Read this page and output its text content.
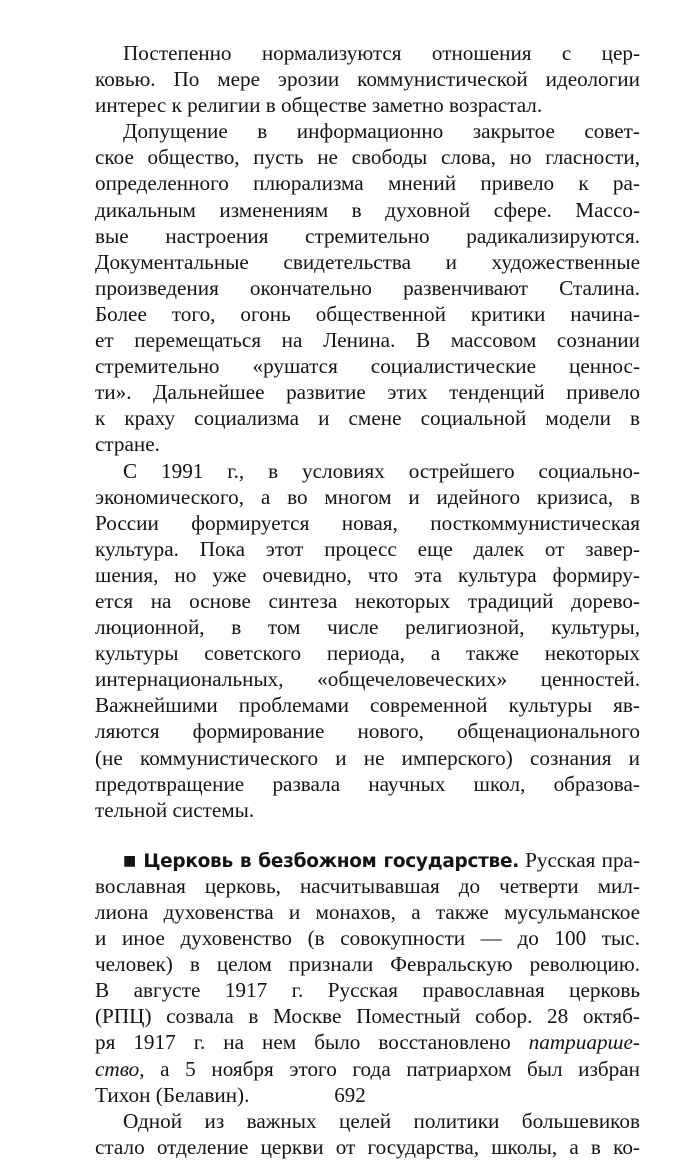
Постепенно нормализуются отношения с цер-
ковью. По мере эрозии коммунистической идеологии
интерес к религии в обществе заметно возрастал.
Допущение в информационно закрытое совет-
ское общество, пусть не свободы слова, но гласности,
определенного плюрализма мнений привело к ра-
дикальным изменениям в духовной сфере. Массо-
вые настроения стремительно радикализируются.
Документальные свидетельства и художественные
произведения окончательно развенчивают Сталина.
Более того, огонь общественной критики начина-
ет перемещаться на Ленина. В массовом сознании
стремительно «рушатся социалистические ценнос-
ти». Дальнейшее развитие этих тенденций привело
к краху социализма и смене социальной модели в
стране.
С 1991 г., в условиях острейшего социально-
экономического, а во многом и идейного кризиса, в
России формируется новая, посткоммунистическая
культура. Пока этот процесс еще далек от завер-
шения, но уже очевидно, что эта культура формиру-
ется на основе синтеза некоторых традиций дорево-
люционной, в том числе религиозной, культуры,
культуры советского периода, а также некоторых
интернациональных, «общечеловеческих» ценностей.
Важнейшими проблемами современной культуры яв-
ляются формирование нового, общенационального
(не коммунистического и не имперского) сознания и
предотвращение развала научных школ, образова-
тельной системы.
■ Церковь в безбожном государстве. Русская пра-
вославная церковь, насчитывавшая до четверти мил-
лиона духовенства и монахов, а также мусульманское
и иное духовенство (в совокупности — до 100 тыс.
человек) в целом признали Февральскую революцию.
В августе 1917 г. Русская православная церковь
(РПЦ) созвала в Москве Поместный собор. 28 октяб-
ря 1917 г. на нем было восстановлено патриарше-
ство, а 5 ноября этого года патриархом был избран
Тихон (Белавин).
Одной из важных целей политики большевиков
стало отделение церкви от государства, школы, а в ко-
692
